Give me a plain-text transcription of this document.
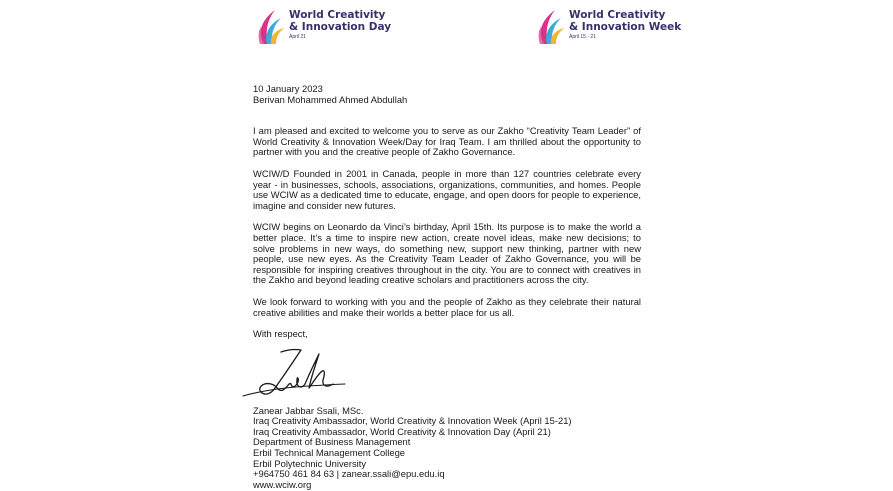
World Creativity
& Innovation Day
April 21
World Creativity
& Innovation Week
April 15 - 21

10 January 2023

Berivan Mohammed Ahmed Abdullah

I am pleased and excited to welcome you to serve as our Zakho “Creativity Team Leader” of World Creativity & Innovation Week/Day for Iraq Team. I am thrilled about the opportunity to partner with you and the creative people of Zakho Governance.

WCIW/D Founded in 2001 in Canada, people in more than 127 countries celebrate every year - in businesses, schools, associations, organizations, communities, and homes. People use WCIW as a dedicated time to educate, engage, and open doors for people to experience, imagine and consider new futures.

WCIW begins on Leonardo da Vinci’s birthday, April 15th. Its purpose is to make the world a better place. It’s a time to inspire new action, create novel ideas, make new decisions; to solve problems in new ways, do something new, support new thinking, partner with new people, use new eyes. As the Creativity Team Leader of Zakho Governance, you will be responsible for inspiring creatives throughout in the city. You are to connect with creatives in the Zakho and beyond leading creative scholars and practitioners across the city.

We look forward to working with you and the people of Zakho as they celebrate their natural creative abilities and make their worlds a better place for us all.

With respect,

Zanear Jabbar Ssali, MSc.

Iraq Creativity Ambassador, World Creativity & Innovation Week (April 15-21)

Iraq Creativity Ambassador, World Creativity & Innovation Day (April 21)

Department of Business Management

Erbil Technical Management College

Erbil Polytechnic University

+964750 461 84 63 | zanear.ssali@epu.edu.iq

www.wciw.org
